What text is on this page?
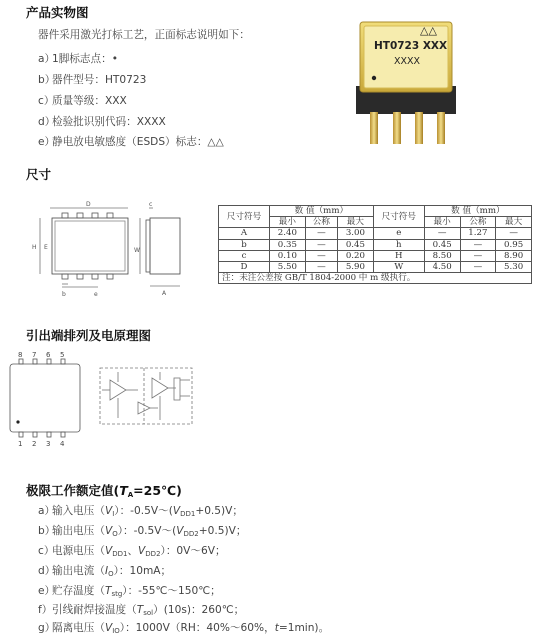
产品实物图
器件采用激光打标工艺，正面标志说明如下：
a）1脚标志点：•
b）器件型号：HT0723
c）质量等级：XXX
d）检验批识别代码：XXXX
e）静电放电敏感度（ESDS）标志：△△
△△
HT0723 XXX
XXXX
尺寸
D
H E
b	e
c
W
A
尺寸符号	数 值（mm）			尺寸符号	数 值（mm）		
	最小	公称	最大		最小	公称	最大
A	2.40	—	3.00	e	—	1.27	—
b	0.35	—	0.45	h	0.45	—	0.95
c	0.10	—	0.20	H	8.50	—	8.90
D	5.50	—	5.90	W	4.50	—	5.30
注：未注公差按 GB/T 1804-2000 中 m 级执行。							
引出端排列及电原理图
8 7 6 5
1 2 3 4
极限工作额定值$(T_A=25℃)$
a）输入电压$(V_I)$：$-0.5V\sim(V_{DD1}+0.5)V$；
b）输出电压$(V_O)$：$-0.5V\sim(V_{DD2}+0.5)V$；
c）电源电压（$V_{DD1}$、$V_{DD2}$）：0V～6V；
d）输出电流$(I_O)$：10mA；
e）贮存温度$(T_{stg})$：-55℃～150℃；
f）引线耐焊接温度$(T_{sol})(10s)$：260℃；
g）隔离电压$(V_{IO})$：1000V（RH：40%～60%，t=1min)。
